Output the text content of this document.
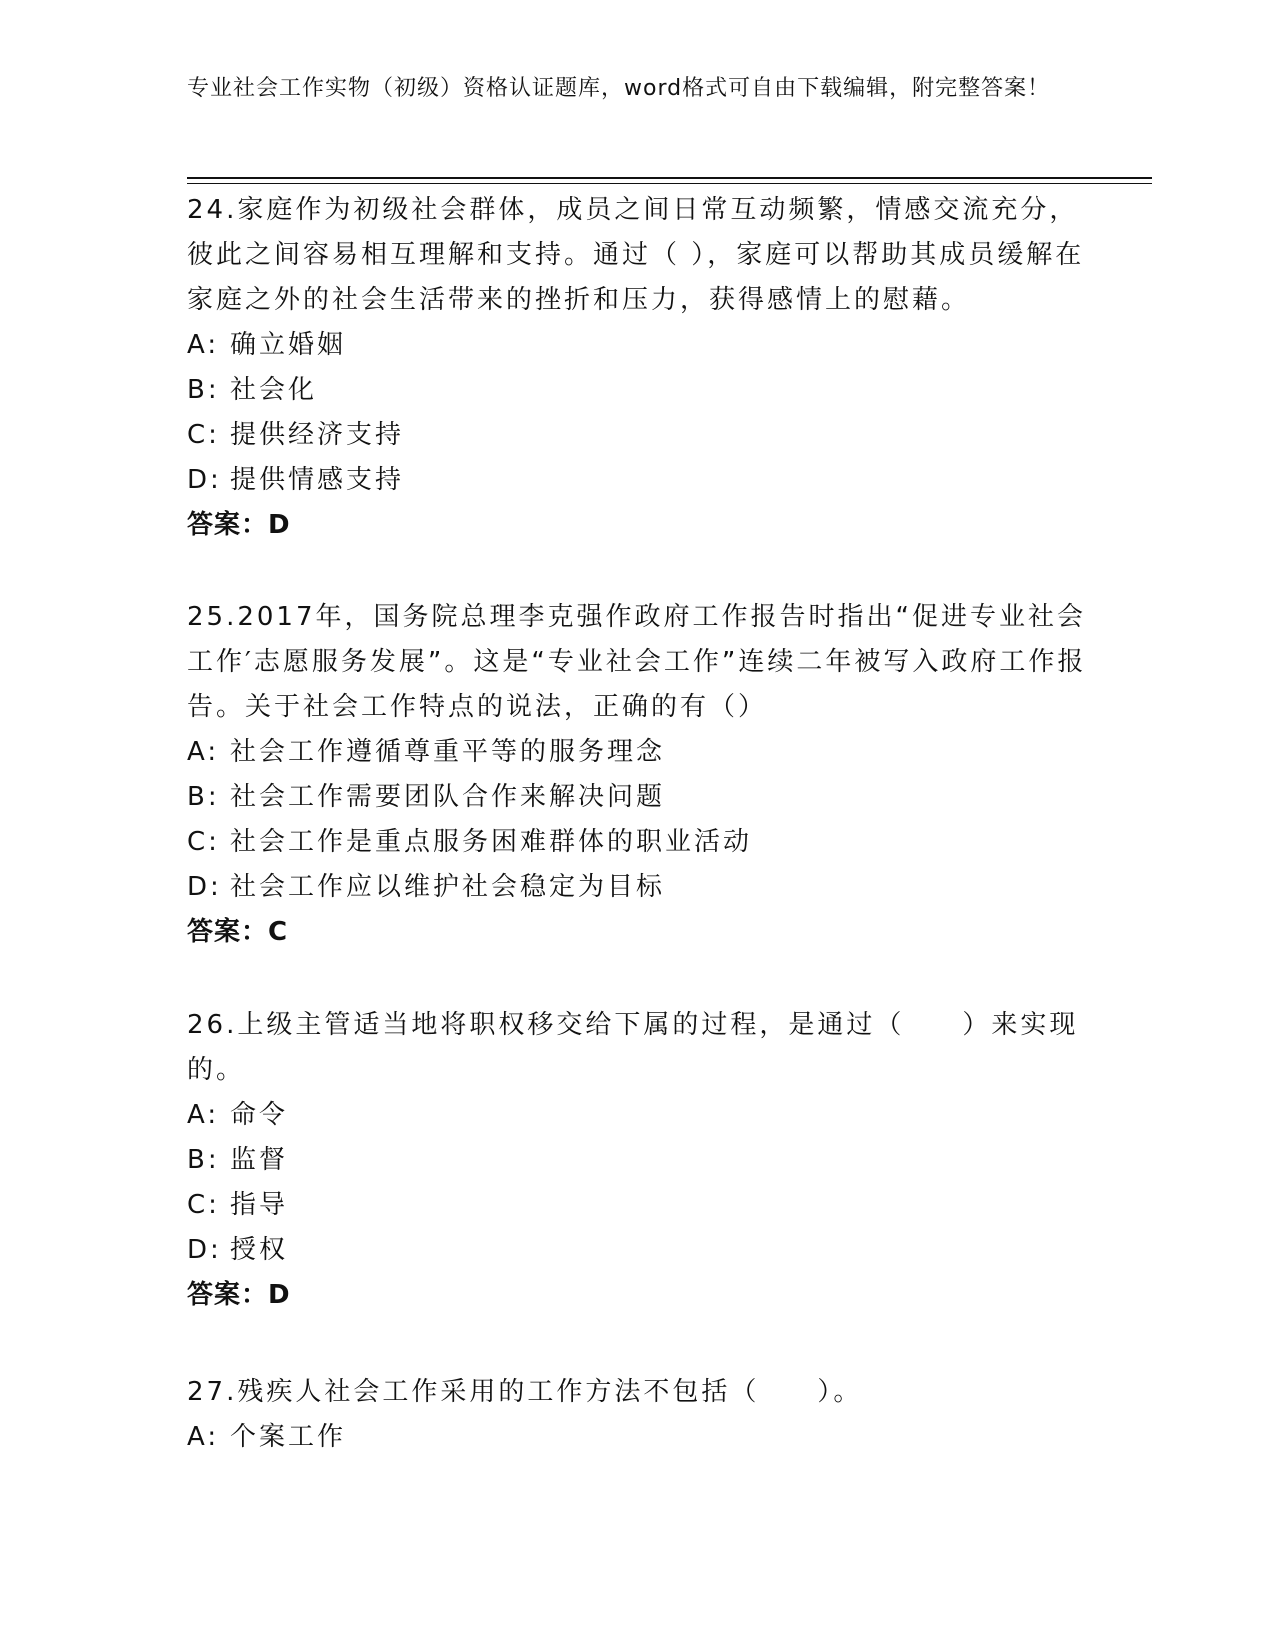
专业社会工作实物（初级）资格认证题库，word格式可自由下载编辑，附完整答案！

24.家庭作为初级社会群体，成员之间日常互动频繁，情感交流充分，彼此之间容易相互理解和支持。通过（ ），家庭可以帮助其成员缓解在家庭之外的社会生活带来的挫折和压力，获得感情上的慰藉。

A: 确立婚姻
B: 社会化
C: 提供经济支持
D: 提供情感支持

答案：D

25.2017年，国务院总理李克强作政府工作报告时指出“促进专业社会工作′志愿服务发展”。这是“专业社会工作”连续二年被写入政府工作报告。关于社会工作特点的说法，正确的有（）

A: 社会工作遵循尊重平等的服务理念
B: 社会工作需要团队合作来解决问题
C: 社会工作是重点服务困难群体的职业活动
D: 社会工作应以维护社会稳定为目标

答案：C

26.上级主管适当地将职权移交给下属的过程，是通过（　　）来实现的。

A: 命令
B: 监督
C: 指导
D: 授权

答案：D

27.残疾人社会工作采用的工作方法不包括（　　）。

A: 个案工作
